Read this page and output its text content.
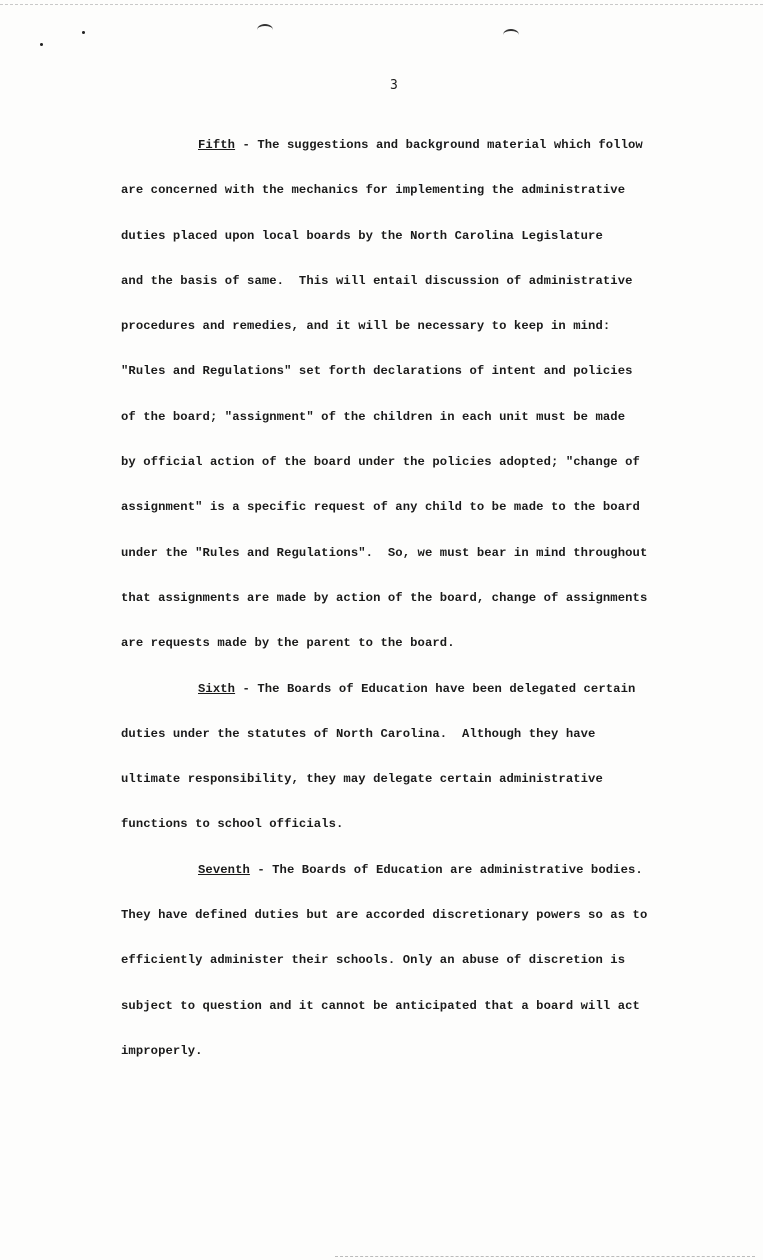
3
Fifth - The suggestions and background material which follow
are concerned with the mechanics for implementing the administrative
duties placed upon local boards by the North Carolina Legislature
and the basis of same.  This will entail discussion of administrative
procedures and remedies, and it will be necessary to keep in mind:
"Rules and Regulations" set forth declarations of intent and policies
of the board; "assignment" of the children in each unit must be made
by official action of the board under the policies adopted; "change of
assignment" is a specific request of any child to be made to the board
under the "Rules and Regulations".  So, we must bear in mind throughout
that assignments are made by action of the board, change of assignments
are requests made by the parent to the board.
Sixth - The Boards of Education have been delegated certain
duties under the statutes of North Carolina.  Although they have
ultimate responsibility, they may delegate certain administrative
functions to school officials.
Seventh - The Boards of Education are administrative bodies.
They have defined duties but are accorded discretionary powers so as to
efficiently administer their schools. Only an abuse of discretion is
subject to question and it cannot be anticipated that a board will act
improperly.
